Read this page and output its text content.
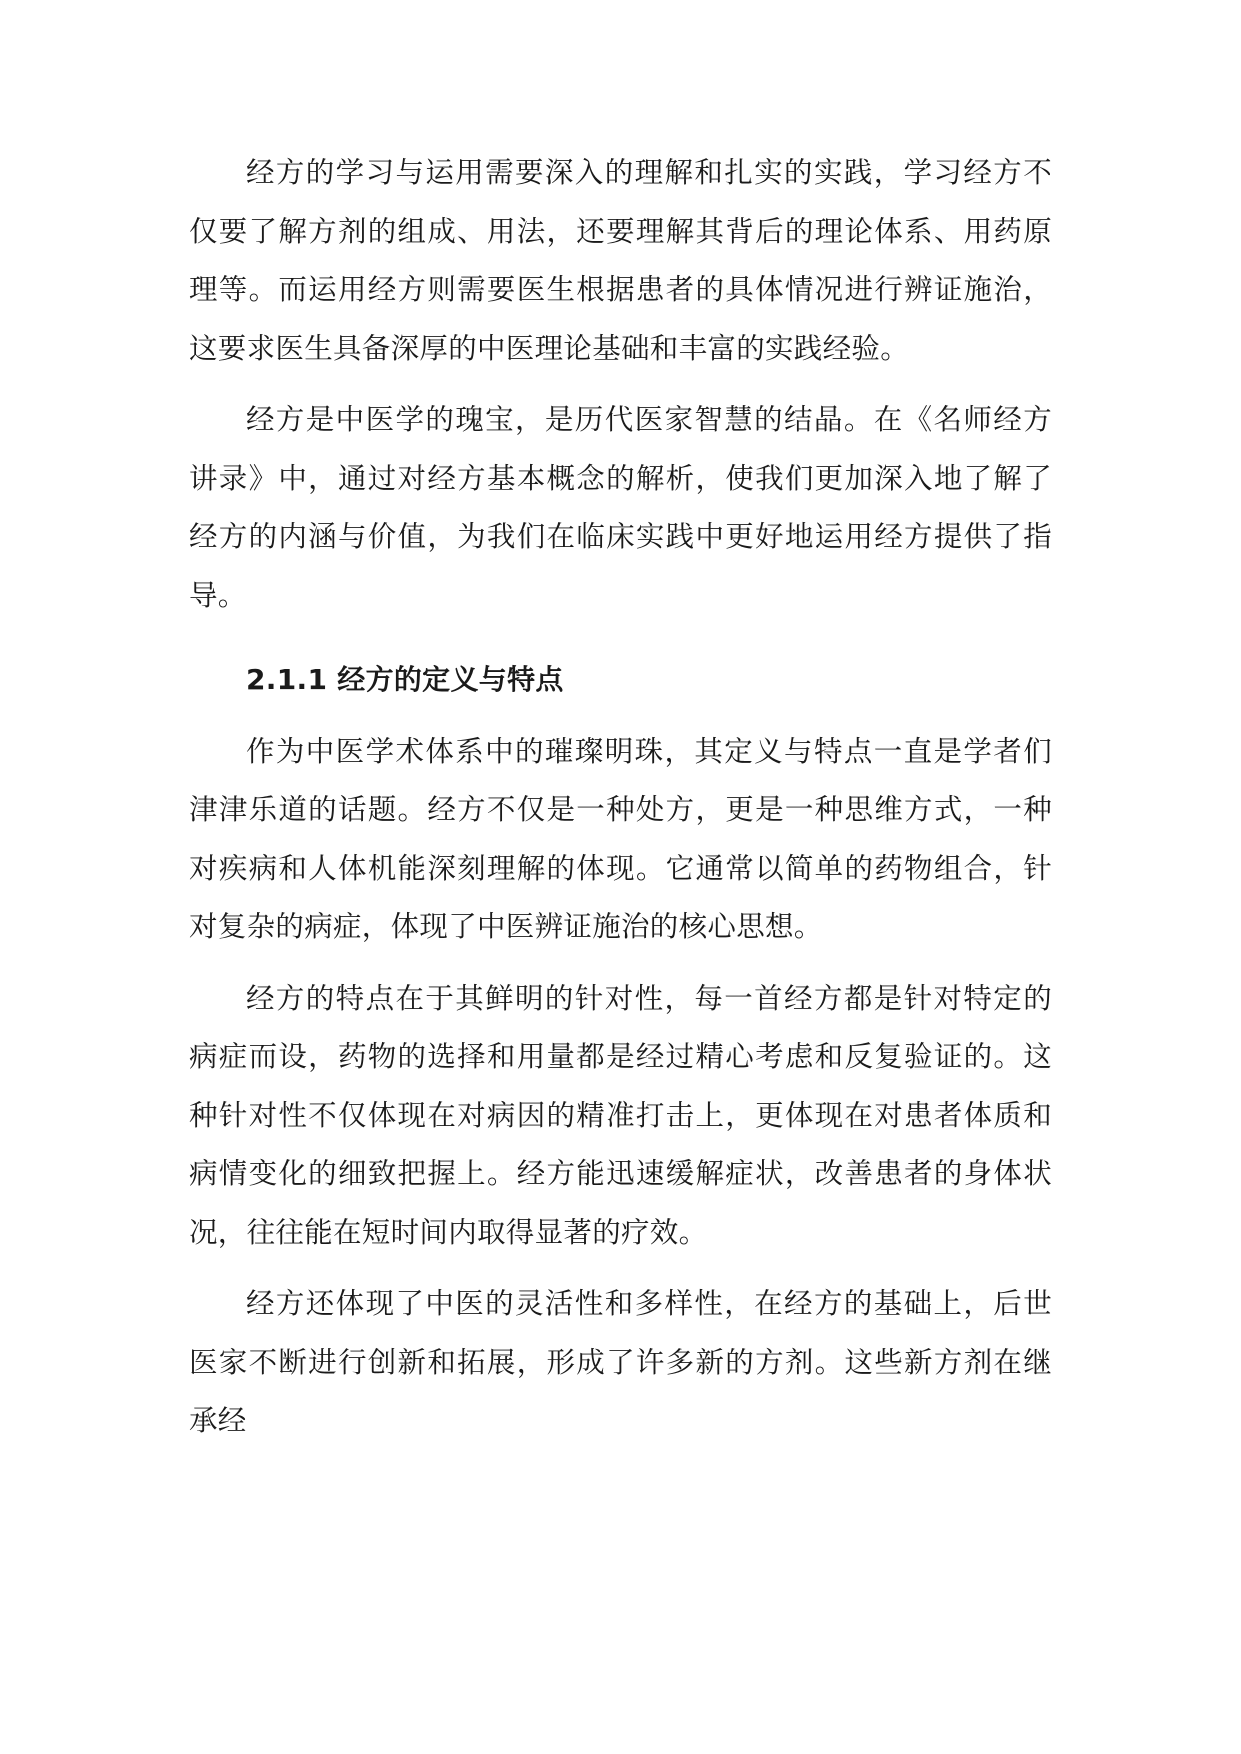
经方的学习与运用需要深入的理解和扎实的实践，学习经方不仅要了解方剂的组成、用法，还要理解其背后的理论体系、用药原理等。而运用经方则需要医生根据患者的具体情况进行辨证施治，这要求医生具备深厚的中医理论基础和丰富的实践经验。

经方是中医学的瑰宝，是历代医家智慧的结晶。在《名师经方讲录》中，通过对经方基本概念的解析，使我们更加深入地了解了经方的内涵与价值，为我们在临床实践中更好地运用经方提供了指导。

2.1.1 经方的定义与特点

作为中医学术体系中的璀璨明珠，其定义与特点一直是学者们津津乐道的话题。经方不仅是一种处方，更是一种思维方式，一种对疾病和人体机能深刻理解的体现。它通常以简单的药物组合，针对复杂的病症，体现了中医辨证施治的核心思想。

经方的特点在于其鲜明的针对性，每一首经方都是针对特定的病症而设，药物的选择和用量都是经过精心考虑和反复验证的。这种针对性不仅体现在对病因的精准打击上，更体现在对患者体质和病情变化的细致把握上。经方能迅速缓解症状，改善患者的身体状况，往往能在短时间内取得显著的疗效。

经方还体现了中医的灵活性和多样性，在经方的基础上，后世医家不断进行创新和拓展，形成了许多新的方剂。这些新方剂在继承经
